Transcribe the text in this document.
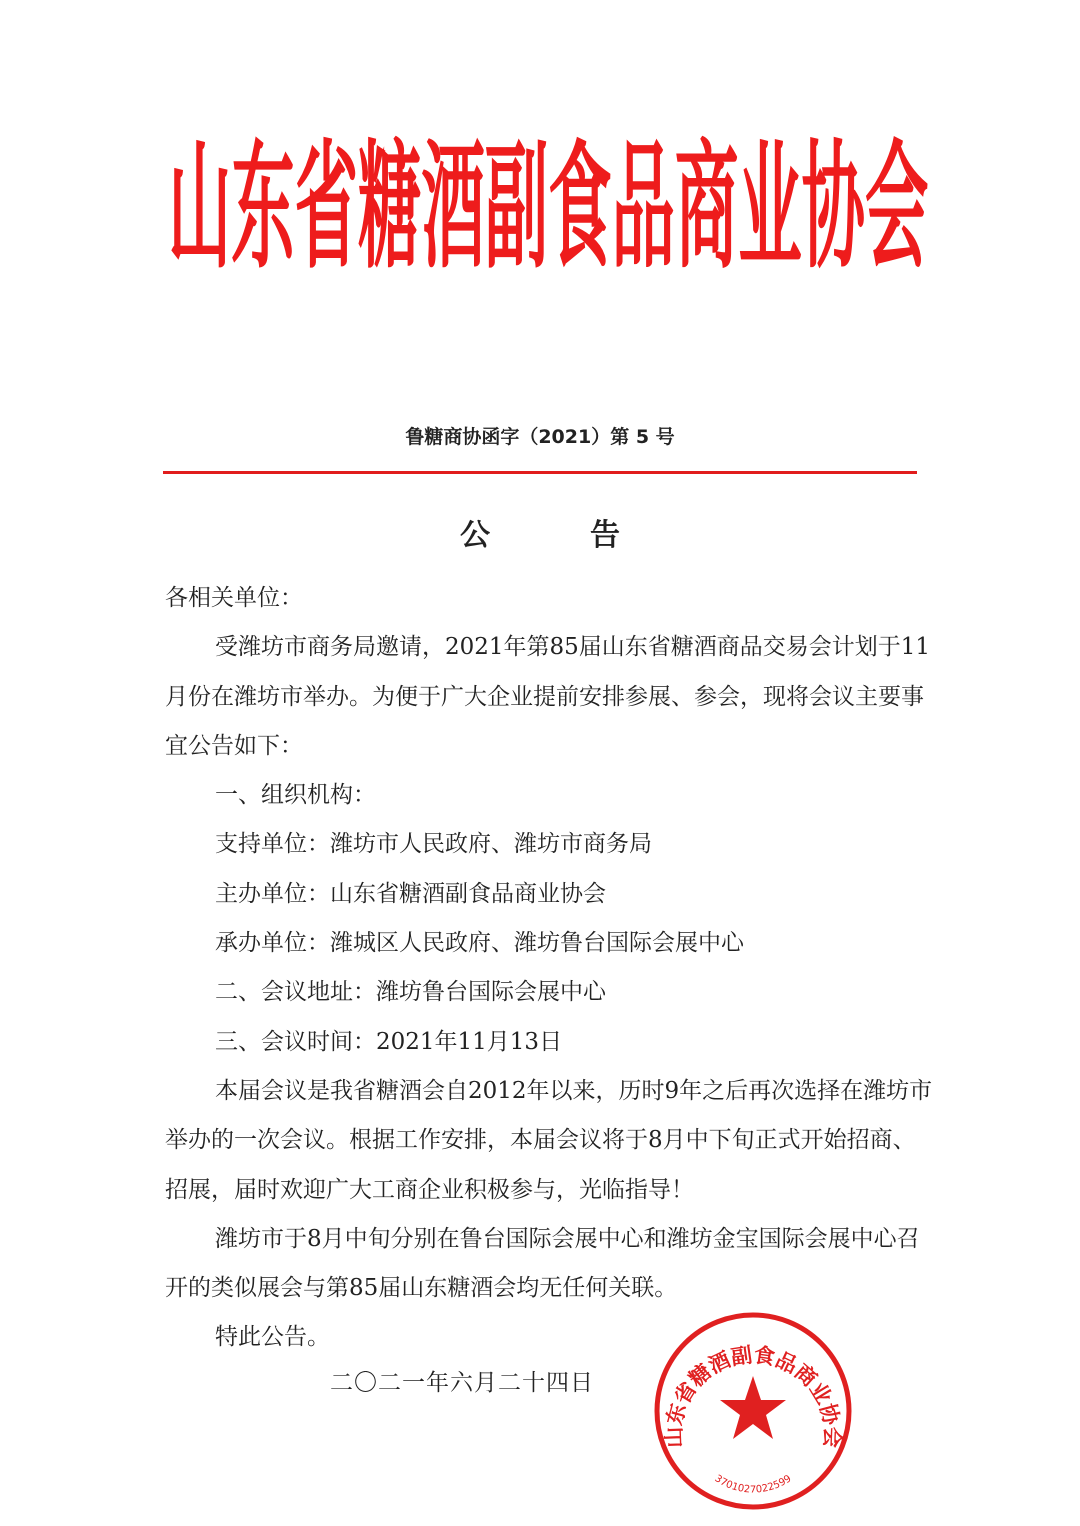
山东省糖酒副食品商业协会
鲁糖商协函字（2021）第 5 号
公告

各相关单位：

受潍坊市商务局邀请，2021年第85届山东省糖酒商品交易会计划于11月份在潍坊市举办。为便于广大企业提前安排参展、参会，现将会议主要事宜公告如下：

一、组织机构：

支持单位：潍坊市人民政府、潍坊市商务局

主办单位：山东省糖酒副食品商业协会

承办单位：潍城区人民政府、潍坊鲁台国际会展中心

二、会议地址：潍坊鲁台国际会展中心

三、会议时间：2021年11月13日

本届会议是我省糖酒会自2012年以来，历时9年之后再次选择在潍坊市举办的一次会议。根据工作安排，本届会议将于8月中下旬正式开始招商、招展，届时欢迎广大工商企业积极参与，光临指导！

潍坊市于8月中旬分别在鲁台国际会展中心和潍坊金宝国际会展中心召开的类似展会与第85届山东糖酒会均无任何关联。

特此公告。

二〇二一年六月二十四日
山东省糖酒副食品商业协会
3701027022599
